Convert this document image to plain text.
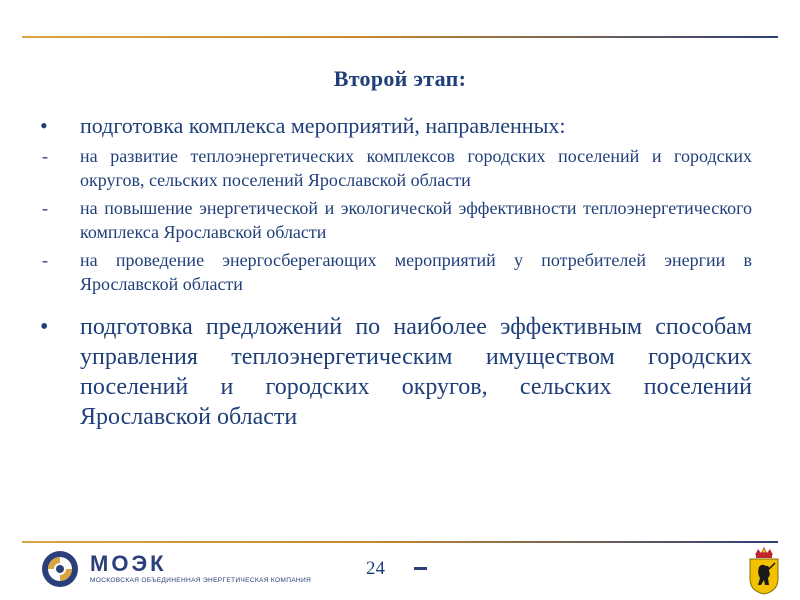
Второй этап:
• подготовка комплекса мероприятий, направленных:
- на развитие теплоэнергетических комплексов городских поселений и городских округов, сельских поселений Ярославской области
- на повышение энергетической и экологической эффективности теплоэнергетического комплекса Ярославской области
- на проведение энергосберегающих мероприятий у потребителей энергии в Ярославской области
• подготовка предложений по наиболее эффективным способам управления теплоэнергетическим имуществом городских поселений и городских округов, сельских поселений Ярославской области
МОЭК
МОСКОВСКАЯ ОБЪЕДИНЕННАЯ ЭНЕРГЕТИЧЕСКАЯ КОМПАНИЯ
24
